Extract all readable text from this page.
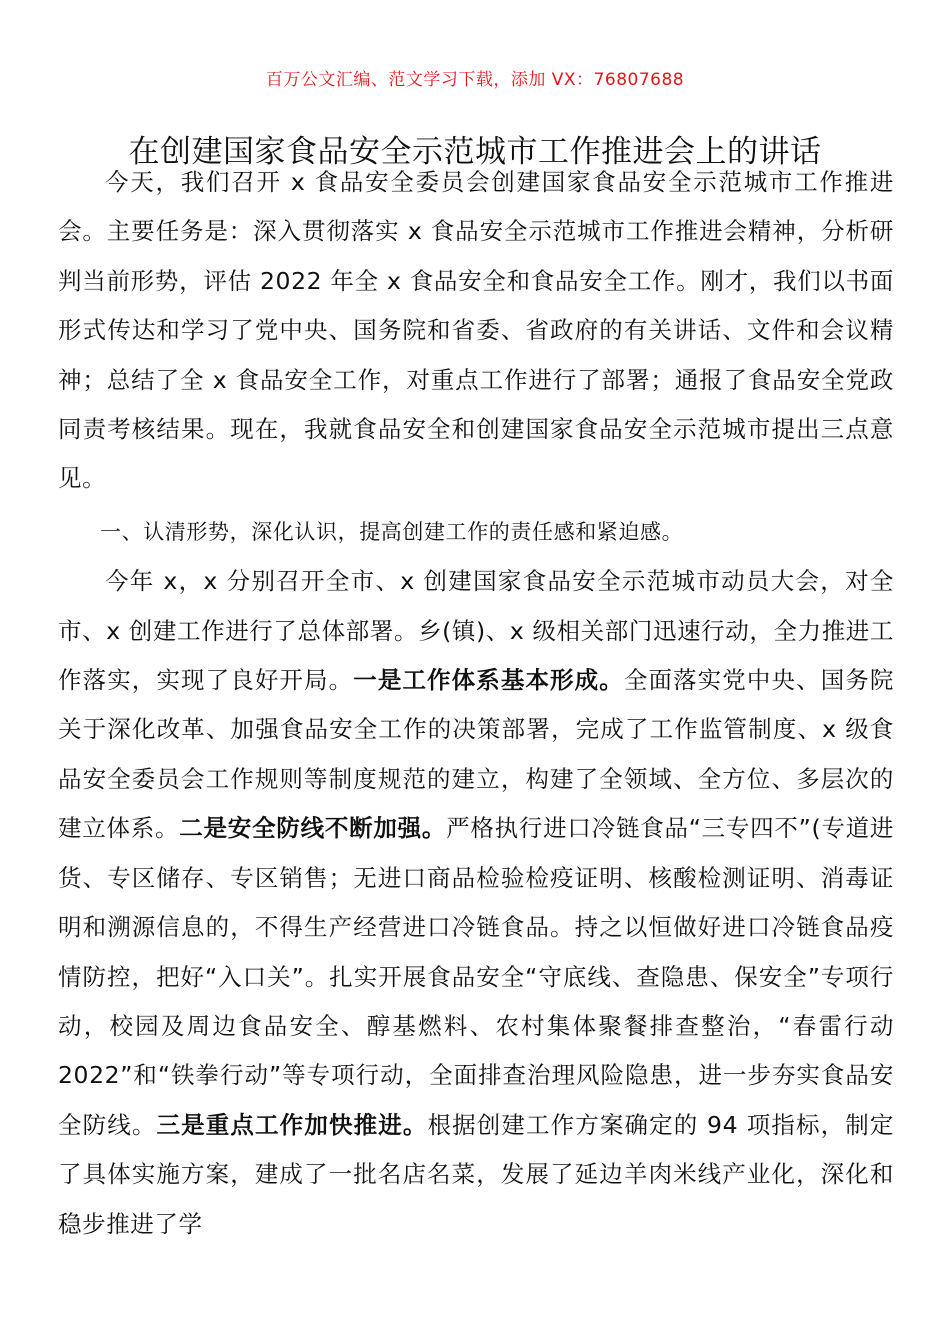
百万公文汇编、范文学习下载，添加 VX：76807688
在创建国家食品安全示范城市工作推进会上的讲话

今天，我们召开 x 食品安全委员会创建国家食品安全示范城市工作推进会。主要任务是：深入贯彻落实 x 食品安全示范城市工作推进会精神，分析研判当前形势，评估 2022 年全 x 食品安全和食品安全工作。刚才，我们以书面形式传达和学习了党中央、国务院和省委、省政府的有关讲话、文件和会议精神；总结了全 x 食品安全工作，对重点工作进行了部署；通报了食品安全党政同责考核结果。现在，我就食品安全和创建国家食品安全示范城市提出三点意见。

一、认清形势，深化认识，提高创建工作的责任感和紧迫感。

今年 x，x 分别召开全市、x 创建国家食品安全示范城市动员大会，对全市、x 创建工作进行了总体部署。乡(镇)、x 级相关部门迅速行动，全力推进工作落实，实现了良好开局。一是工作体系基本形成。全面落实党中央、国务院关于深化改革、加强食品安全工作的决策部署，完成了工作监管制度、x 级食品安全委员会工作规则等制度规范的建立，构建了全领域、全方位、多层次的建立体系。二是安全防线不断加强。严格执行进口冷链食品“三专四不”(专道进货、专区储存、专区销售；无进口商品检验检疫证明、核酸检测证明、消毒证明和溯源信息的，不得生产经营进口冷链食品。持之以恒做好进口冷链食品疫情防控，把好“入口关”。扎实开展食品安全“守底线、查隐患、保安全”专项行动，校园及周边食品安全、醇基燃料、农村集体聚餐排查整治，“春雷行动 2022”和“铁拳行动”等专项行动，全面排查治理风险隐患，进一步夯实食品安全防线。三是重点工作加快推进。根据创建工作方案确定的 94 项指标，制定了具体实施方案，建成了一批名店名菜，发展了延边羊肉米线产业化，深化和稳步推进了学
